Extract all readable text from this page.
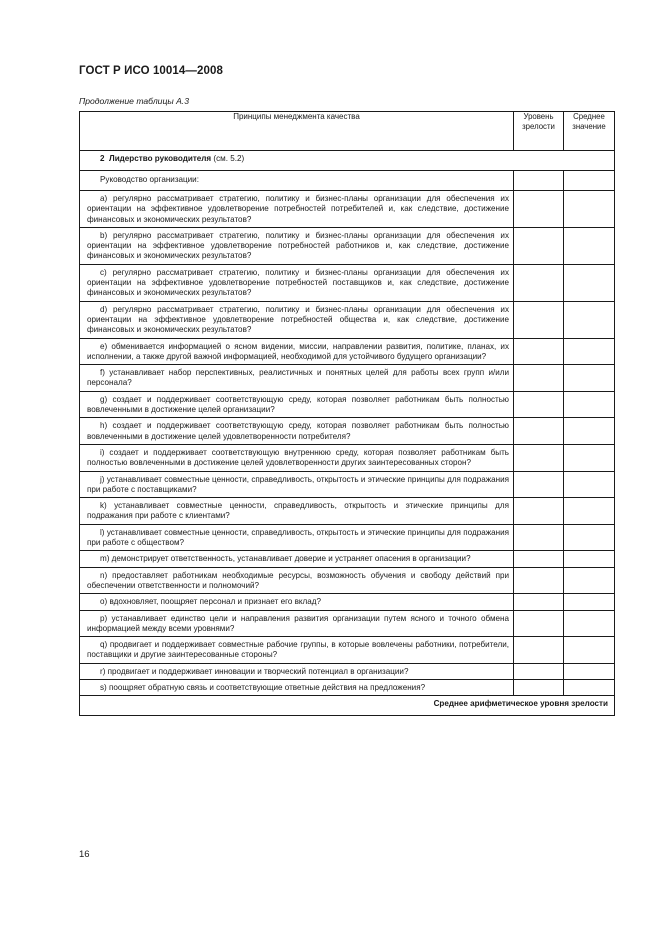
ГОСТ Р ИСО 10014—2008
Продолжение таблицы А.3
Принципы менеджмента качества	Уровень зрелости	Среднее значение
2 Лидерство руководителя (см. 5.2)		
Руководство организации:		
а) регулярно рассматривает стратегию, политику и бизнес-планы организации для обеспечения их ориентации на эффективное удовлетворение потребностей потребителей и, как следствие, достижение финансовых и экономических результатов?		
b) регулярно рассматривает стратегию, политику и бизнес-планы организации для обеспечения их ориентации на эффективное удовлетворение потребностей работников и, как следствие, достижение финансовых и экономических результатов?		
c) регулярно рассматривает стратегию, политику и бизнес-планы организации для обеспечения их ориентации на эффективное удовлетворение потребностей поставщиков и, как следствие, достижение финансовых и экономических результатов?		
d) регулярно рассматривает стратегию, политику и бизнес-планы организации для обеспечения их ориентации на эффективное удовлетворение потребностей общества и, как следствие, достижение финансовых и экономических результатов?		
e) обменивается информацией о ясном видении, миссии, направлении развития, политике, планах, их исполнении, а также другой важной информацией, необходимой для устойчивого будущего организации?		
f) устанавливает набор перспективных, реалистичных и понятных целей для работы всех групп и/или персонала?		
g) создает и поддерживает соответствующую среду, которая позволяет работникам быть полностью вовлеченными в достижение целей организации?		
h) создает и поддерживает соответствующую среду, которая позволяет работникам быть полностью вовлеченными в достижение целей удовлетворенности потребителя?		
i) создает и поддерживает соответствующую внутреннюю среду, которая позволяет работникам быть полностью вовлеченными в достижение целей удовлетворенности других заинтересованных сторон?		
j) устанавливает совместные ценности, справедливость, открытость и этические принципы для подражания при работе с поставщиками?		
k) устанавливает совместные ценности, справедливость, открытость и этические принципы для подражания при работе с клиентами?		
l) устанавливает совместные ценности, справедливость, открытость и этические принципы для подражания при работе с обществом?		
m) демонстрирует ответственность, устанавливает доверие и устраняет опасения в организации?		
n) предоставляет работникам необходимые ресурсы, возможность обучения и свободу действий при обеспечении ответственности и полномочий?		
o) вдохновляет, поощряет персонал и признает его вклад?		
p) устанавливает единство цели и направления развития организации путем ясного и точного обмена информацией между всеми уровнями?		
q) продвигает и поддерживает совместные рабочие группы, в которые вовлечены работники, потребители, поставщики и другие заинтересованные стороны?		
r) продвигает и поддерживает инновации и творческий потенциал в организации?		
s) поощряет обратную связь и соответствующие ответные действия на предложения?		
Среднее арифметическое уровня зрелости		
16
